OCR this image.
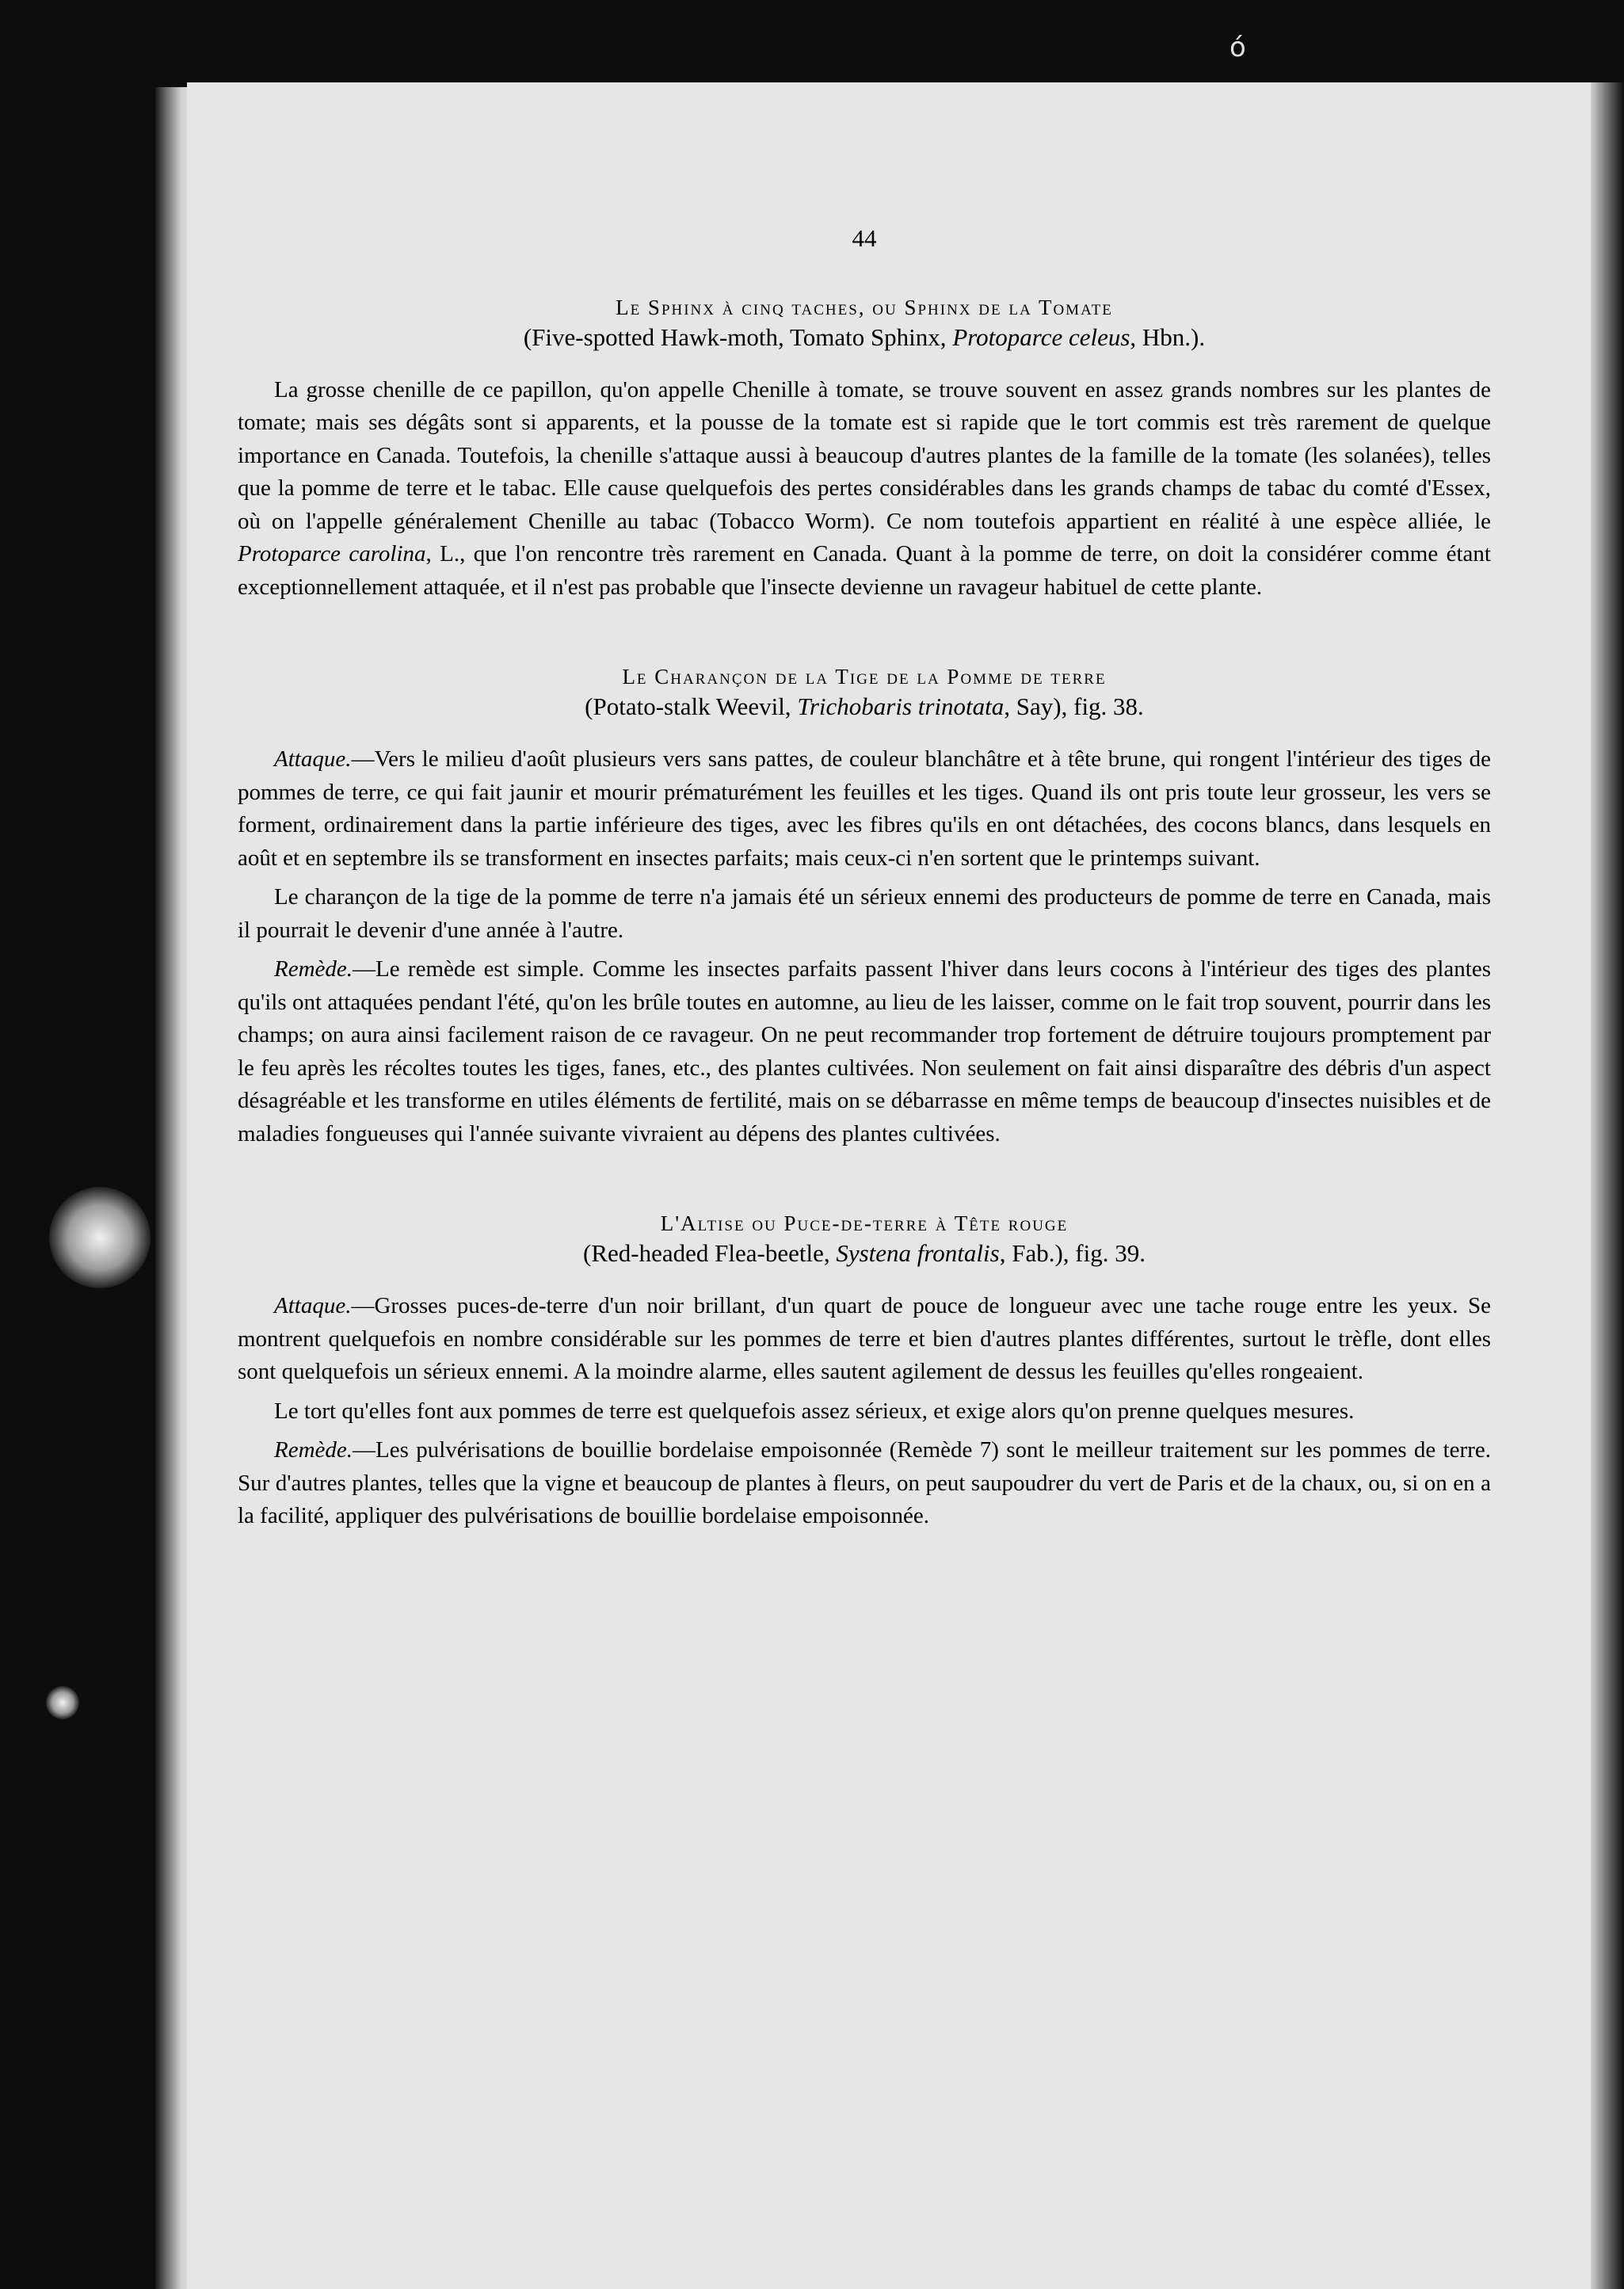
ó
44
Le Sphinx à cinq taches, ou Sphinx de la Tomate
(Five-spotted Hawk-moth, Tomato Sphinx, Protoparce celeus, Hbn.).

La grosse chenille de ce papillon, qu'on appelle Chenille à tomate, se trouve souvent en assez grands nombres sur les plantes de tomate; mais ses dégâts sont si apparents, et la pousse de la tomate est si rapide que le tort commis est très rarement de quelque importance en Canada. Toutefois, la chenille s'attaque aussi à beaucoup d'autres plantes de la famille de la tomate (les solanées), telles que la pomme de terre et le tabac. Elle cause quelquefois des pertes considérables dans les grands champs de tabac du comté d'Essex, où on l'appelle généralement Chenille au tabac (Tobacco Worm). Ce nom toutefois appartient en réalité à une espèce alliée, le Protoparce carolina, L., que l'on rencontre très rarement en Canada. Quant à la pomme de terre, on doit la considérer comme étant exceptionnellement attaquée, et il n'est pas probable que l'insecte devienne un ravageur habituel de cette plante.

Le Charançon de la Tige de la Pomme de terre
(Potato-stalk Weevil, Trichobaris trinotata, Say), fig. 38.

Attaque.—Vers le milieu d'août plusieurs vers sans pattes, de couleur blanchâtre et à tête brune, qui rongent l'intérieur des tiges de pommes de terre, ce qui fait jaunir et mourir prématurément les feuilles et les tiges. Quand ils ont pris toute leur grosseur, les vers se forment, ordinairement dans la partie inférieure des tiges, avec les fibres qu'ils en ont détachées, des cocons blancs, dans lesquels en août et en septembre ils se transforment en insectes parfaits; mais ceux-ci n'en sortent que le printemps suivant.

Le charançon de la tige de la pomme de terre n'a jamais été un sérieux ennemi des producteurs de pomme de terre en Canada, mais il pourrait le devenir d'une année à l'autre.

Remède.—Le remède est simple. Comme les insectes parfaits passent l'hiver dans leurs cocons à l'intérieur des tiges des plantes qu'ils ont attaquées pendant l'été, qu'on les brûle toutes en automne, au lieu de les laisser, comme on le fait trop souvent, pourrir dans les champs; on aura ainsi facilement raison de ce ravageur. On ne peut recommander trop fortement de détruire toujours promptement par le feu après les récoltes toutes les tiges, fanes, etc., des plantes cultivées. Non seulement on fait ainsi disparaître des débris d'un aspect désagréable et les transforme en utiles éléments de fertilité, mais on se débarrasse en même temps de beaucoup d'insectes nuisibles et de maladies fongueuses qui l'année suivante vivraient au dépens des plantes cultivées.

L'Altise ou Puce-de-terre à Tête rouge
(Red-headed Flea-beetle, Systena frontalis, Fab.), fig. 39.

Attaque.—Grosses puces-de-terre d'un noir brillant, d'un quart de pouce de longueur avec une tache rouge entre les yeux. Se montrent quelquefois en nombre considérable sur les pommes de terre et bien d'autres plantes différentes, surtout le trèfle, dont elles sont quelquefois un sérieux ennemi. A la moindre alarme, elles sautent agilement de dessus les feuilles qu'elles rongeaient.

Le tort qu'elles font aux pommes de terre est quelquefois assez sérieux, et exige alors qu'on prenne quelques mesures.

Remède.—Les pulvérisations de bouillie bordelaise empoisonnée (Remède 7) sont le meilleur traitement sur les pommes de terre. Sur d'autres plantes, telles que la vigne et beaucoup de plantes à fleurs, on peut saupoudrer du vert de Paris et de la chaux, ou, si on en a la facilité, appliquer des pulvérisations de bouillie bordelaise empoisonnée.
